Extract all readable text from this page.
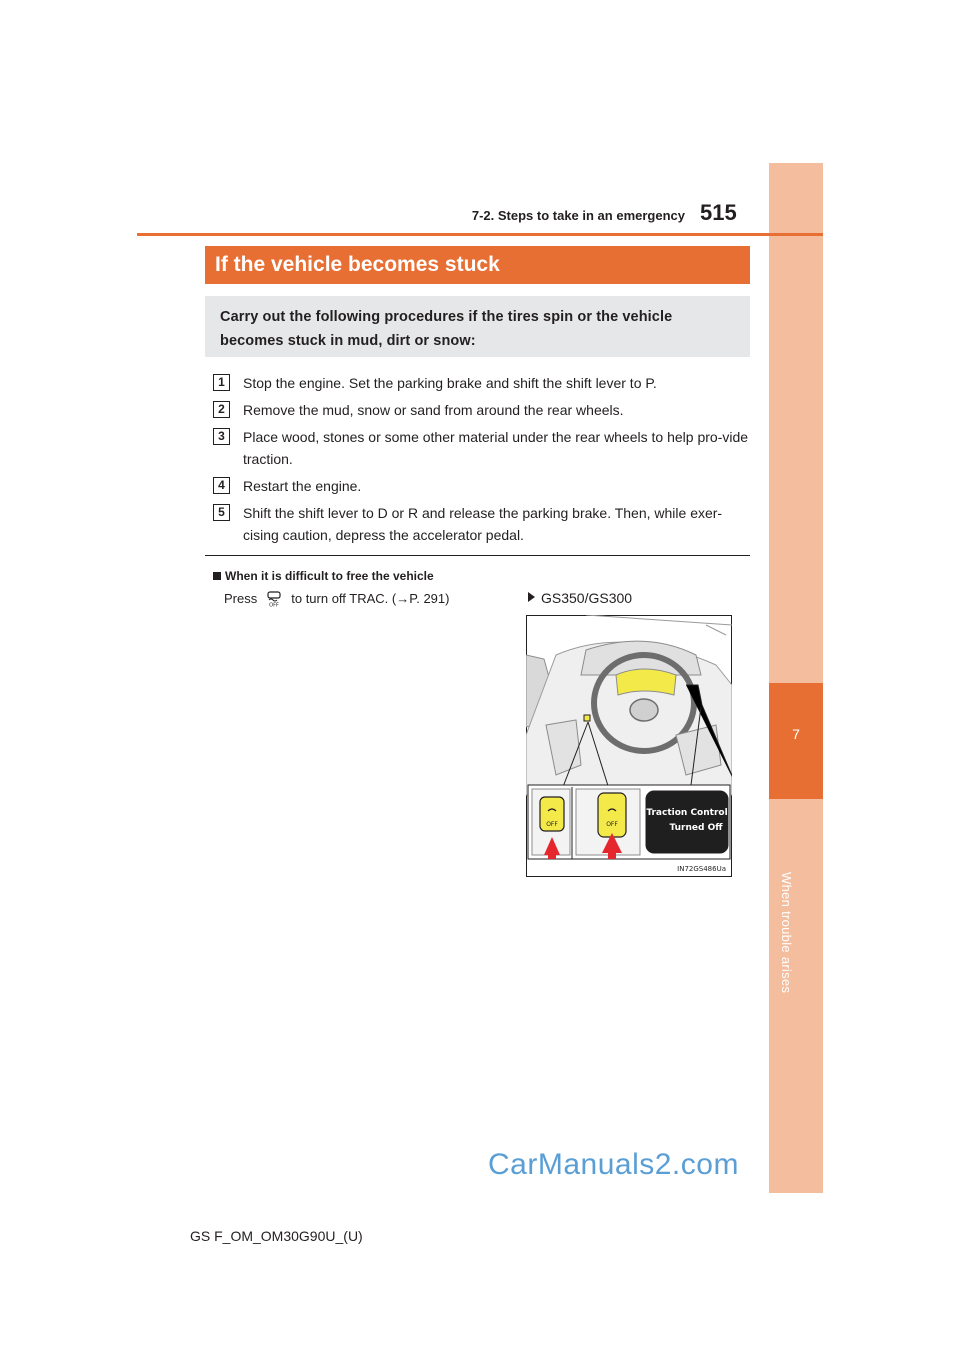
7
When trouble arises
7-2. Steps to take in an emergency 515
If the vehicle becomes stuck
Carry out the following procedures if the tires spin or the vehicle becomes stuck in mud, dirt or snow:
1	Stop the engine. Set the parking brake and shift the shift lever to P.
2	Remove the mud, snow or sand from around the rear wheels.
3	Place wood, stones or some other material under the rear wheels to help pro-vide traction.
4	Restart the engine.
5	Shift the shift lever to D or R and release the parking brake. Then, while exer-cising caution, depress the accelerator pedal.
When it is difficult to free the vehicle
Press OFF to turn off TRAC. (→P. 291)	GS350/GS300
OFF	OFF
Traction Control
Turned Off
IN72GS486Ua
CarManuals2.com
GS F_OM_OM30G90U_(U)
